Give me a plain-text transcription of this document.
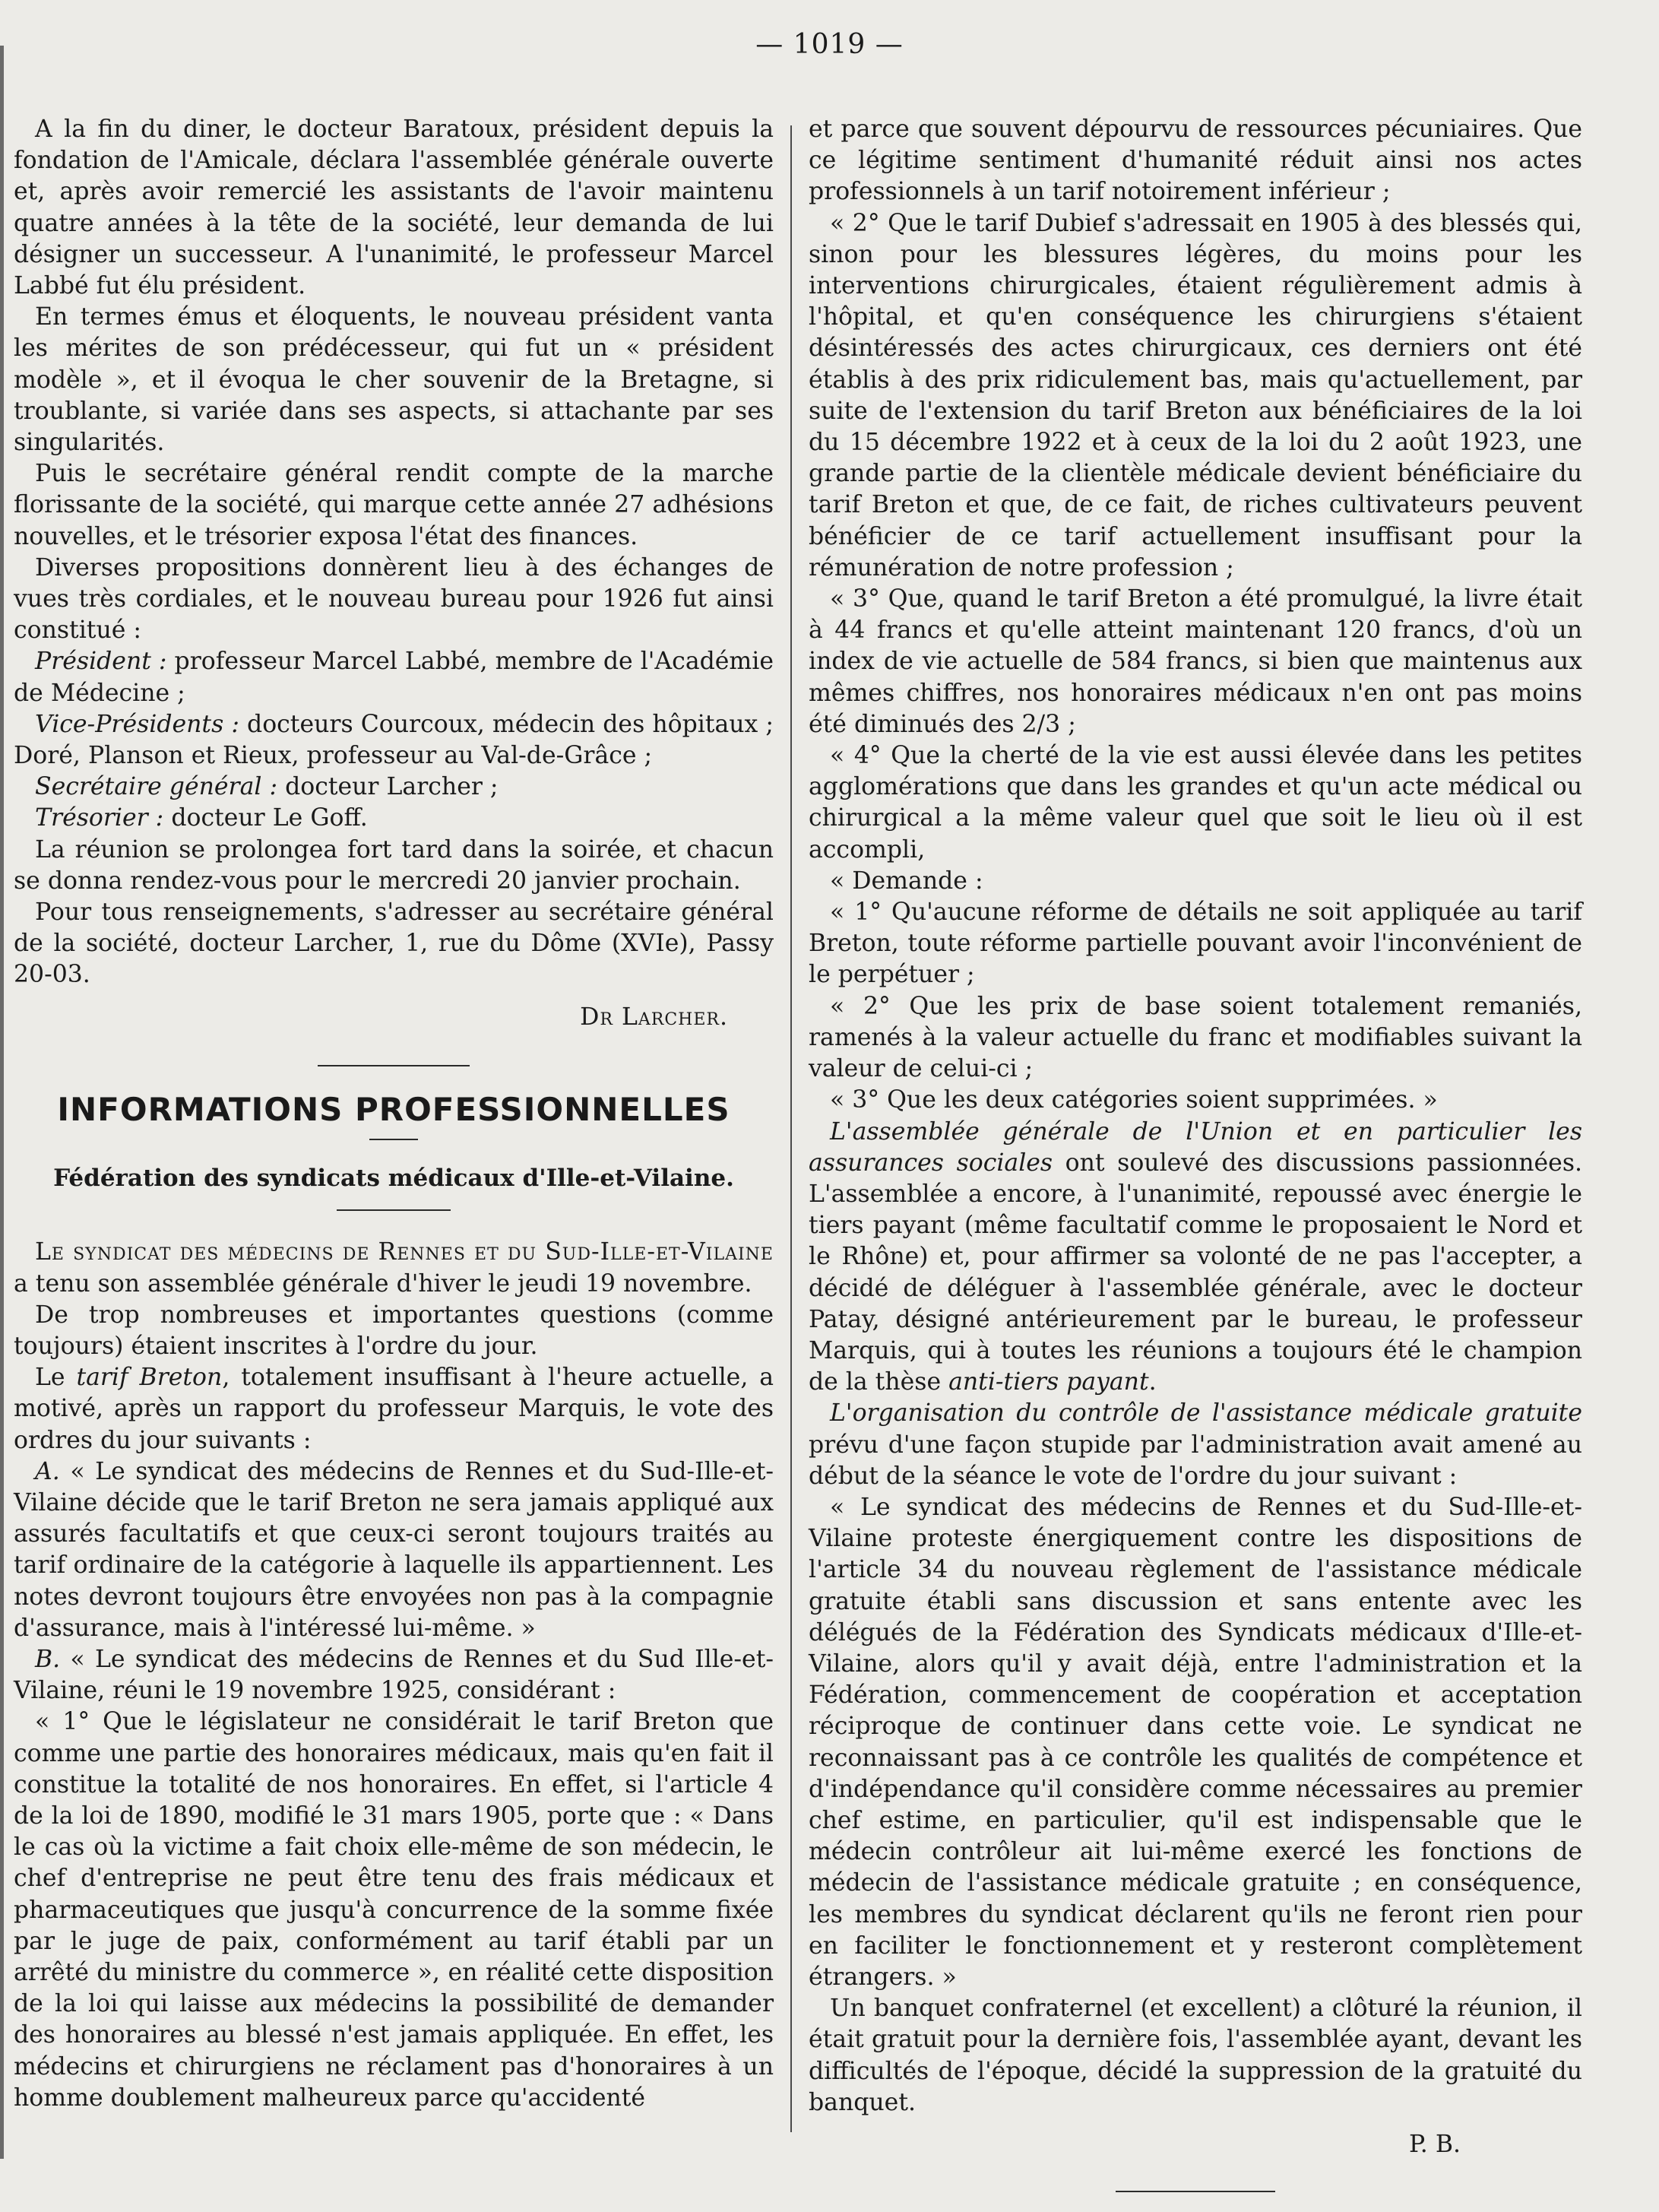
— 1019 —

A la fin du diner, le docteur Baratoux, président depuis la fondation de l'Amicale, déclara l'assemblée générale ouverte et, après avoir remercié les assistants de l'avoir maintenu quatre années à la tête de la société, leur demanda de lui désigner un successeur. A l'unanimité, le professeur Marcel Labbé fut élu président.

En termes émus et éloquents, le nouveau président vanta les mérites de son prédécesseur, qui fut un « président modèle », et il évoqua le cher souvenir de la Bretagne, si troublante, si variée dans ses aspects, si attachante par ses singularités.

Puis le secrétaire général rendit compte de la marche florissante de la société, qui marque cette année 27 adhésions nouvelles, et le trésorier exposa l'état des finances.

Diverses propositions donnèrent lieu à des échanges de vues très cordiales, et le nouveau bureau pour 1926 fut ainsi constitué :

Président : professeur Marcel Labbé, membre de l'Académie de Médecine ;

Vice-Présidents : docteurs Courcoux, médecin des hôpitaux ; Doré, Planson et Rieux, professeur au Val-de-Grâce ;

Secrétaire général : docteur Larcher ;

Trésorier : docteur Le Goff.

La réunion se prolongea fort tard dans la soirée, et chacun se donna rendez-vous pour le mercredi 20 janvier prochain.

Pour tous renseignements, s'adresser au secrétaire général de la société, docteur Larcher, 1, rue du Dôme (XVIe), Passy 20-03.

Dr Larcher.

INFORMATIONS PROFESSIONNELLES

Fédération des syndicats médicaux d'Ille-et-Vilaine.

Le syndicat des médecins de Rennes et du Sud-Ille-et-Vilaine a tenu son assemblée générale d'hiver le jeudi 19 novembre.

De trop nombreuses et importantes questions (comme toujours) étaient inscrites à l'ordre du jour.

Le tarif Breton, totalement insuffisant à l'heure actuelle, a motivé, après un rapport du professeur Marquis, le vote des ordres du jour suivants :

A. « Le syndicat des médecins de Rennes et du Sud-Ille-et-Vilaine décide que le tarif Breton ne sera jamais appliqué aux assurés facultatifs et que ceux-ci seront toujours traités au tarif ordinaire de la catégorie à laquelle ils appartiennent. Les notes devront toujours être envoyées non pas à la compagnie d'assurance, mais à l'intéressé lui-même. »

B. « Le syndicat des médecins de Rennes et du Sud Ille-et-Vilaine, réuni le 19 novembre 1925, considérant :

« 1° Que le législateur ne considérait le tarif Breton que comme une partie des honoraires médicaux, mais qu'en fait il constitue la totalité de nos honoraires. En effet, si l'article 4 de la loi de 1890, modifié le 31 mars 1905, porte que : « Dans le cas où la victime a fait choix elle-même de son médecin, le chef d'entreprise ne peut être tenu des frais médicaux et pharmaceutiques que jusqu'à concurrence de la somme fixée par le juge de paix, conformément au tarif établi par un arrêté du ministre du commerce », en réalité cette disposition de la loi qui laisse aux médecins la possibilité de demander des honoraires au blessé n'est jamais appliquée. En effet, les médecins et chirurgiens ne réclament pas d'honoraires à un homme doublement malheureux parce qu'accidenté

et parce que souvent dépourvu de ressources pécuniaires. Que ce légitime sentiment d'humanité réduit ainsi nos actes professionnels à un tarif notoirement inférieur ;

« 2° Que le tarif Dubief s'adressait en 1905 à des blessés qui, sinon pour les blessures légères, du moins pour les interventions chirurgicales, étaient régulièrement admis à l'hôpital, et qu'en conséquence les chirurgiens s'étaient désintéressés des actes chirurgicaux, ces derniers ont été établis à des prix ridiculement bas, mais qu'actuellement, par suite de l'extension du tarif Breton aux bénéficiaires de la loi du 15 décembre 1922 et à ceux de la loi du 2 août 1923, une grande partie de la clientèle médicale devient bénéficiaire du tarif Breton et que, de ce fait, de riches cultivateurs peuvent bénéficier de ce tarif actuellement insuffisant pour la rémunération de notre profession ;

« 3° Que, quand le tarif Breton a été promulgué, la livre était à 44 francs et qu'elle atteint maintenant 120 francs, d'où un index de vie actuelle de 584 francs, si bien que maintenus aux mêmes chiffres, nos honoraires médicaux n'en ont pas moins été diminués des 2/3 ;

« 4° Que la cherté de la vie est aussi élevée dans les petites agglomérations que dans les grandes et qu'un acte médical ou chirurgical a la même valeur quel que soit le lieu où il est accompli,

« Demande :

« 1° Qu'aucune réforme de détails ne soit appliquée au tarif Breton, toute réforme partielle pouvant avoir l'inconvénient de le perpétuer ;

« 2° Que les prix de base soient totalement remaniés, ramenés à la valeur actuelle du franc et modifiables suivant la valeur de celui-ci ;

« 3° Que les deux catégories soient supprimées. »

L'assemblée générale de l'Union et en particulier les assurances sociales ont soulevé des discussions passionnées. L'assemblée a encore, à l'unanimité, repoussé avec énergie le tiers payant (même facultatif comme le proposaient le Nord et le Rhône) et, pour affirmer sa volonté de ne pas l'accepter, a décidé de déléguer à l'assemblée générale, avec le docteur Patay, désigné antérieurement par le bureau, le professeur Marquis, qui à toutes les réunions a toujours été le champion de la thèse anti-tiers payant.

L'organisation du contrôle de l'assistance médicale gratuite prévu d'une façon stupide par l'administration avait amené au début de la séance le vote de l'ordre du jour suivant :

« Le syndicat des médecins de Rennes et du Sud-Ille-et-Vilaine proteste énergiquement contre les dispositions de l'article 34 du nouveau règlement de l'assistance médicale gratuite établi sans discussion et sans entente avec les délégués de la Fédération des Syndicats médicaux d'Ille-et-Vilaine, alors qu'il y avait déjà, entre l'administration et la Fédération, commencement de coopération et acceptation réciproque de continuer dans cette voie. Le syndicat ne reconnaissant pas à ce contrôle les qualités de compétence et d'indépendance qu'il considère comme nécessaires au premier chef estime, en particulier, qu'il est indispensable que le médecin contrôleur ait lui-même exercé les fonctions de médecin de l'assistance médicale gratuite ; en conséquence, les membres du syndicat déclarent qu'ils ne feront rien pour en faciliter le fonctionnement et y resteront complètement étrangers. »

Un banquet confraternel (et excellent) a clôturé la réunion, il était gratuit pour la dernière fois, l'assemblée ayant, devant les difficultés de l'époque, décidé la suppression de la gratuité du banquet.

P. B.
